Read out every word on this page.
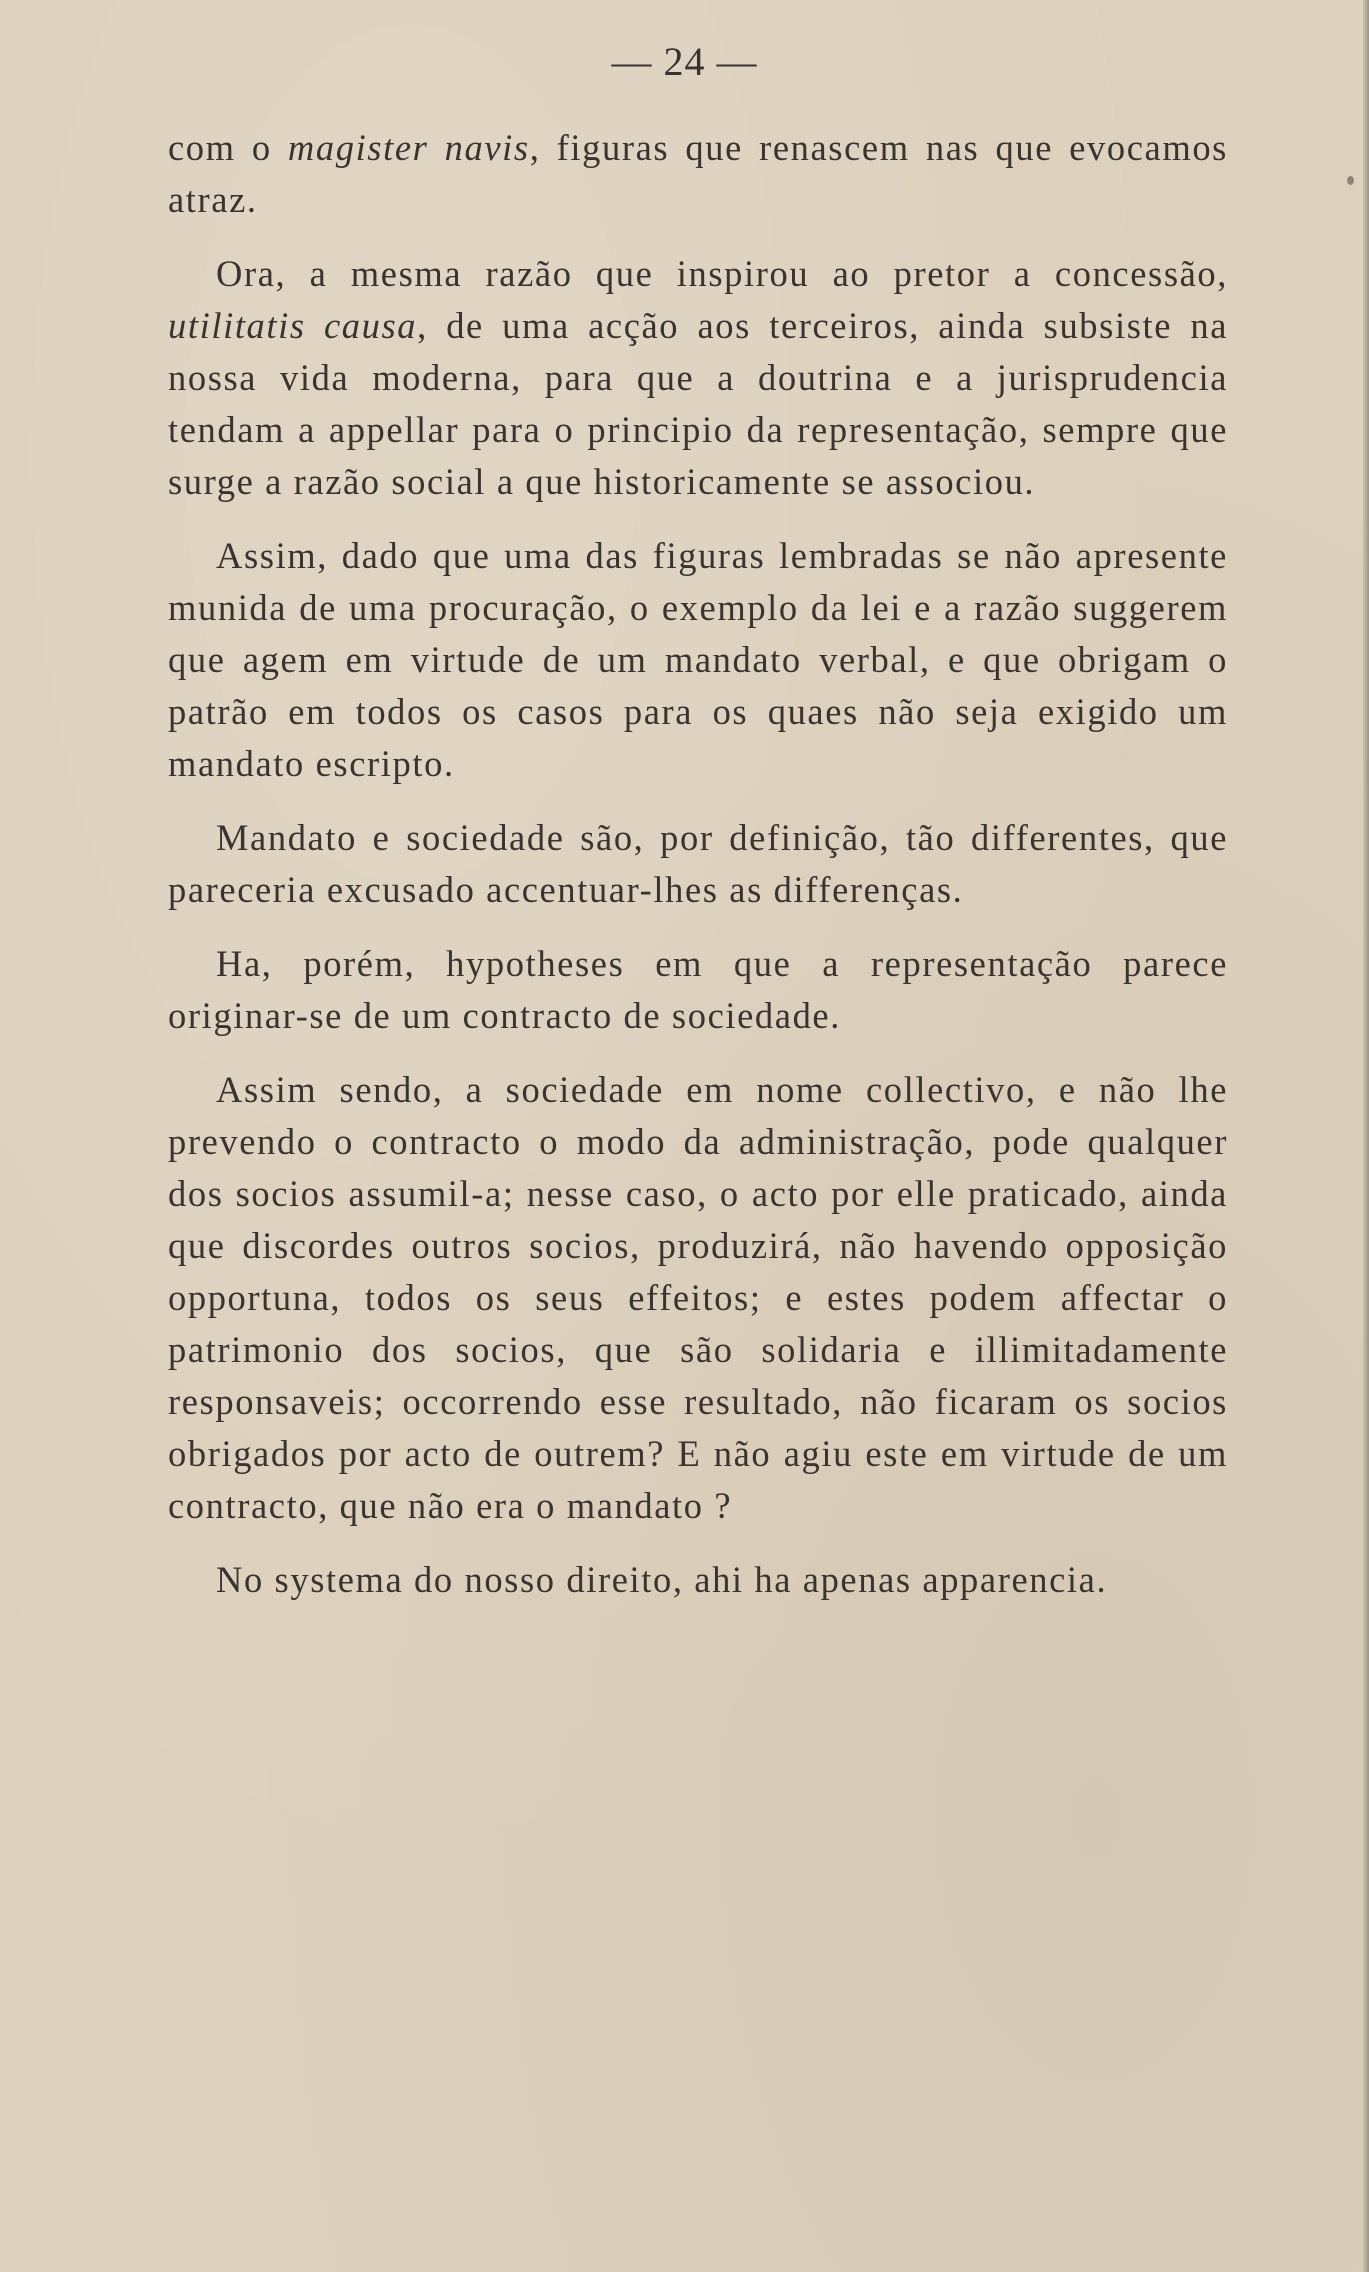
— 24 —

com o magister navis, figuras que renascem nas que evocamos atraz.

Ora, a mesma razão que inspirou ao pretor a concessão, utilitatis causa, de uma acção aos terceiros, ainda subsiste na nossa vida moderna, para que a doutrina e a jurisprudencia tendam a appellar para o principio da representação, sempre que surge a razão social a que historicamente se associou.

Assim, dado que uma das figuras lembradas se não apresente munida de uma procuração, o exemplo da lei e a razão suggerem que agem em virtude de um mandato verbal, e que obrigam o patrão em todos os casos para os quaes não seja exigido um mandato escripto.

Mandato e sociedade são, por definição, tão differentes, que pareceria excusado accentuar-lhes as differenças.

Ha, porém, hypotheses em que a representação parece originar-se de um contracto de sociedade.

Assim sendo, a sociedade em nome collectivo, e não lhe prevendo o contracto o modo da administração, pode qualquer dos socios assumil-a; nesse caso, o acto por elle praticado, ainda que discordes outros socios, produzirá, não havendo opposição opportuna, todos os seus effeitos; e estes podem affectar o patrimonio dos socios, que são solidaria e illimitadamente responsaveis; occorrendo esse resultado, não ficaram os socios obrigados por acto de outrem? E não agiu este em virtude de um contracto, que não era o mandato ?

No systema do nosso direito, ahi ha apenas apparencia.
